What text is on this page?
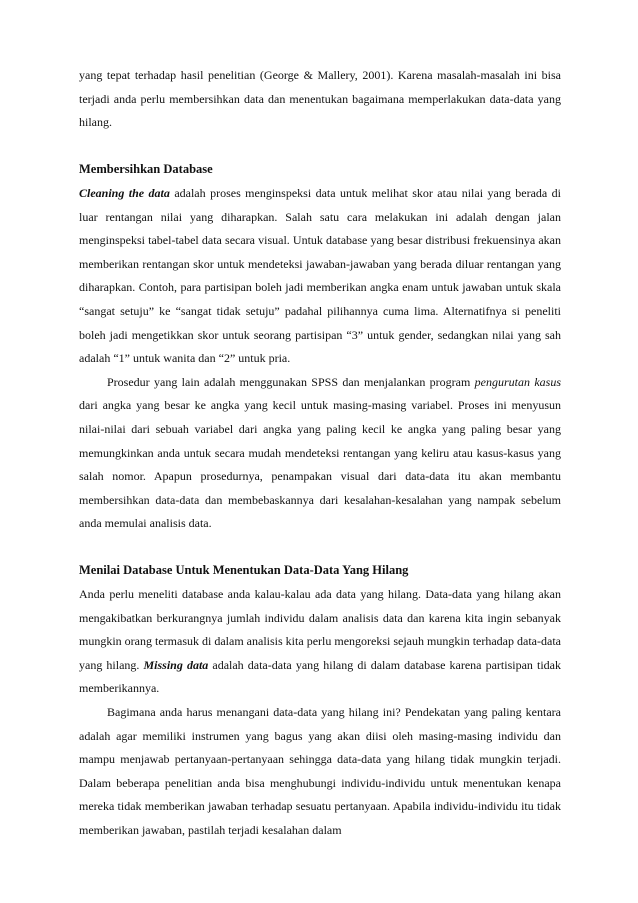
yang tepat terhadap hasil penelitian (George & Mallery, 2001). Karena masalah-masalah ini bisa terjadi anda perlu membersihkan data dan menentukan bagaimana memperlakukan data-data yang hilang.

Membersihkan Database

Cleaning the data adalah proses menginspeksi data untuk melihat skor atau nilai yang berada di luar rentangan nilai yang diharapkan. Salah satu cara melakukan ini adalah dengan jalan menginspeksi tabel-tabel data secara visual. Untuk database yang besar distribusi frekuensinya akan memberikan rentangan skor untuk mendeteksi jawaban-jawaban yang berada diluar rentangan yang diharapkan. Contoh, para partisipan boleh jadi memberikan angka enam untuk jawaban untuk skala “sangat setuju” ke “sangat tidak setuju” padahal pilihannya cuma lima. Alternatifnya si peneliti boleh jadi mengetikkan skor untuk seorang partisipan “3” untuk gender, sedangkan nilai yang sah adalah “1” untuk wanita dan “2” untuk pria.

Prosedur yang lain adalah menggunakan SPSS dan menjalankan program pengurutan kasus dari angka yang besar ke angka yang kecil untuk masing-masing variabel. Proses ini menyusun nilai-nilai dari sebuah variabel dari angka yang paling kecil ke angka yang paling besar yang memungkinkan anda untuk secara mudah mendeteksi rentangan yang keliru atau kasus-kasus yang salah nomor. Apapun prosedurnya, penampakan visual dari data-data itu akan membantu membersihkan data-data dan membebaskannya dari kesalahan-kesalahan yang nampak sebelum anda memulai analisis data.

Menilai Database Untuk Menentukan Data-Data Yang Hilang

Anda perlu meneliti database anda kalau-kalau ada data yang hilang. Data-data yang hilang akan mengakibatkan berkurangnya jumlah individu dalam analisis data dan karena kita ingin sebanyak mungkin orang termasuk di dalam analisis kita perlu mengoreksi sejauh mungkin terhadap data-data yang hilang. Missing data adalah data-data yang hilang di dalam database karena partisipan tidak memberikannya.

Bagimana anda harus menangani data-data yang hilang ini? Pendekatan yang paling kentara adalah agar memiliki instrumen yang bagus yang akan diisi oleh masing-masing individu dan mampu menjawab pertanyaan-pertanyaan sehingga data-data yang hilang tidak mungkin terjadi. Dalam beberapa penelitian anda bisa menghubungi individu-individu untuk menentukan kenapa mereka tidak memberikan jawaban terhadap sesuatu pertanyaan. Apabila individu-individu itu tidak memberikan jawaban, pastilah terjadi kesalahan dalam
